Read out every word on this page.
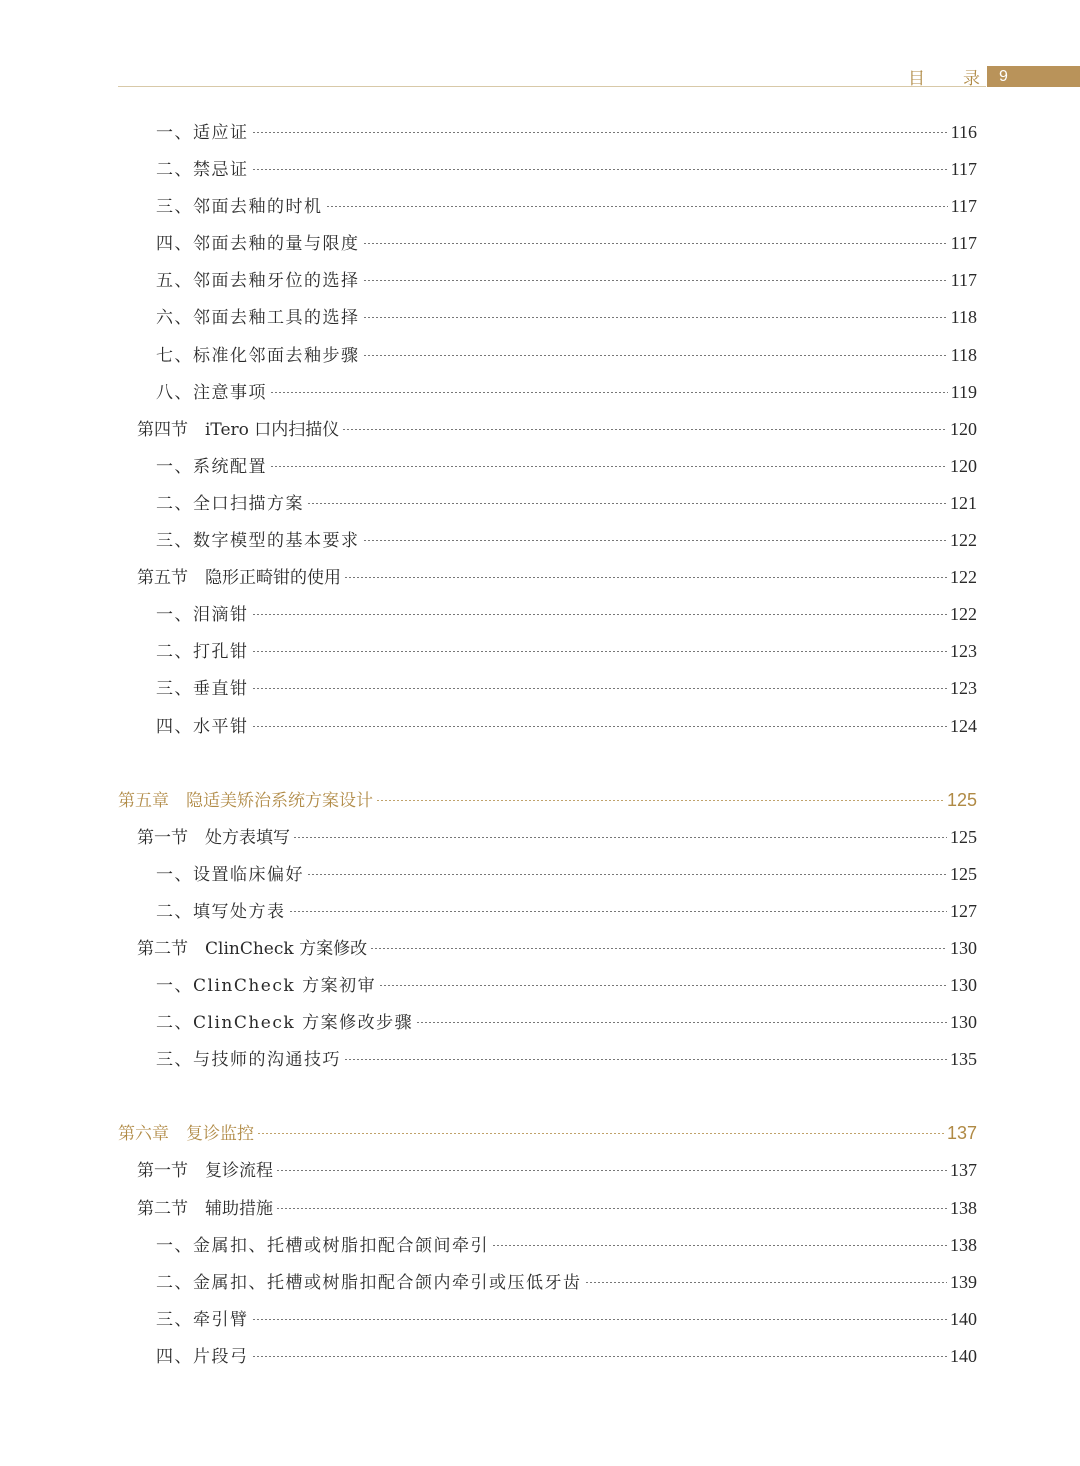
目 录	9
一、适应证	116
二、禁忌证	117
三、邻面去釉的时机	117
四、邻面去釉的量与限度	117
五、邻面去釉牙位的选择	117
六、邻面去釉工具的选择	118
七、标准化邻面去釉步骤	118
八、注意事项	119
第四节　iTero 口内扫描仪	120
一、系统配置	120
二、全口扫描方案	121
三、数字模型的基本要求	122
第五节　隐形正畸钳的使用	122
一、泪滴钳	122
二、打孔钳	123
三、垂直钳	123
四、水平钳	124
第五章　隐适美矫治系统方案设计	125
第一节　处方表填写	125
一、设置临床偏好	125
二、填写处方表	127
第二节　ClinCheck 方案修改	130
一、ClinCheck 方案初审	130
二、ClinCheck 方案修改步骤	130
三、与技师的沟通技巧	135
第六章　复诊监控	137
第一节　复诊流程	137
第二节　辅助措施	138
一、金属扣、托槽或树脂扣配合颌间牵引	138
二、金属扣、托槽或树脂扣配合颌内牵引或压低牙齿	139
三、牵引臂	140
四、片段弓	140
